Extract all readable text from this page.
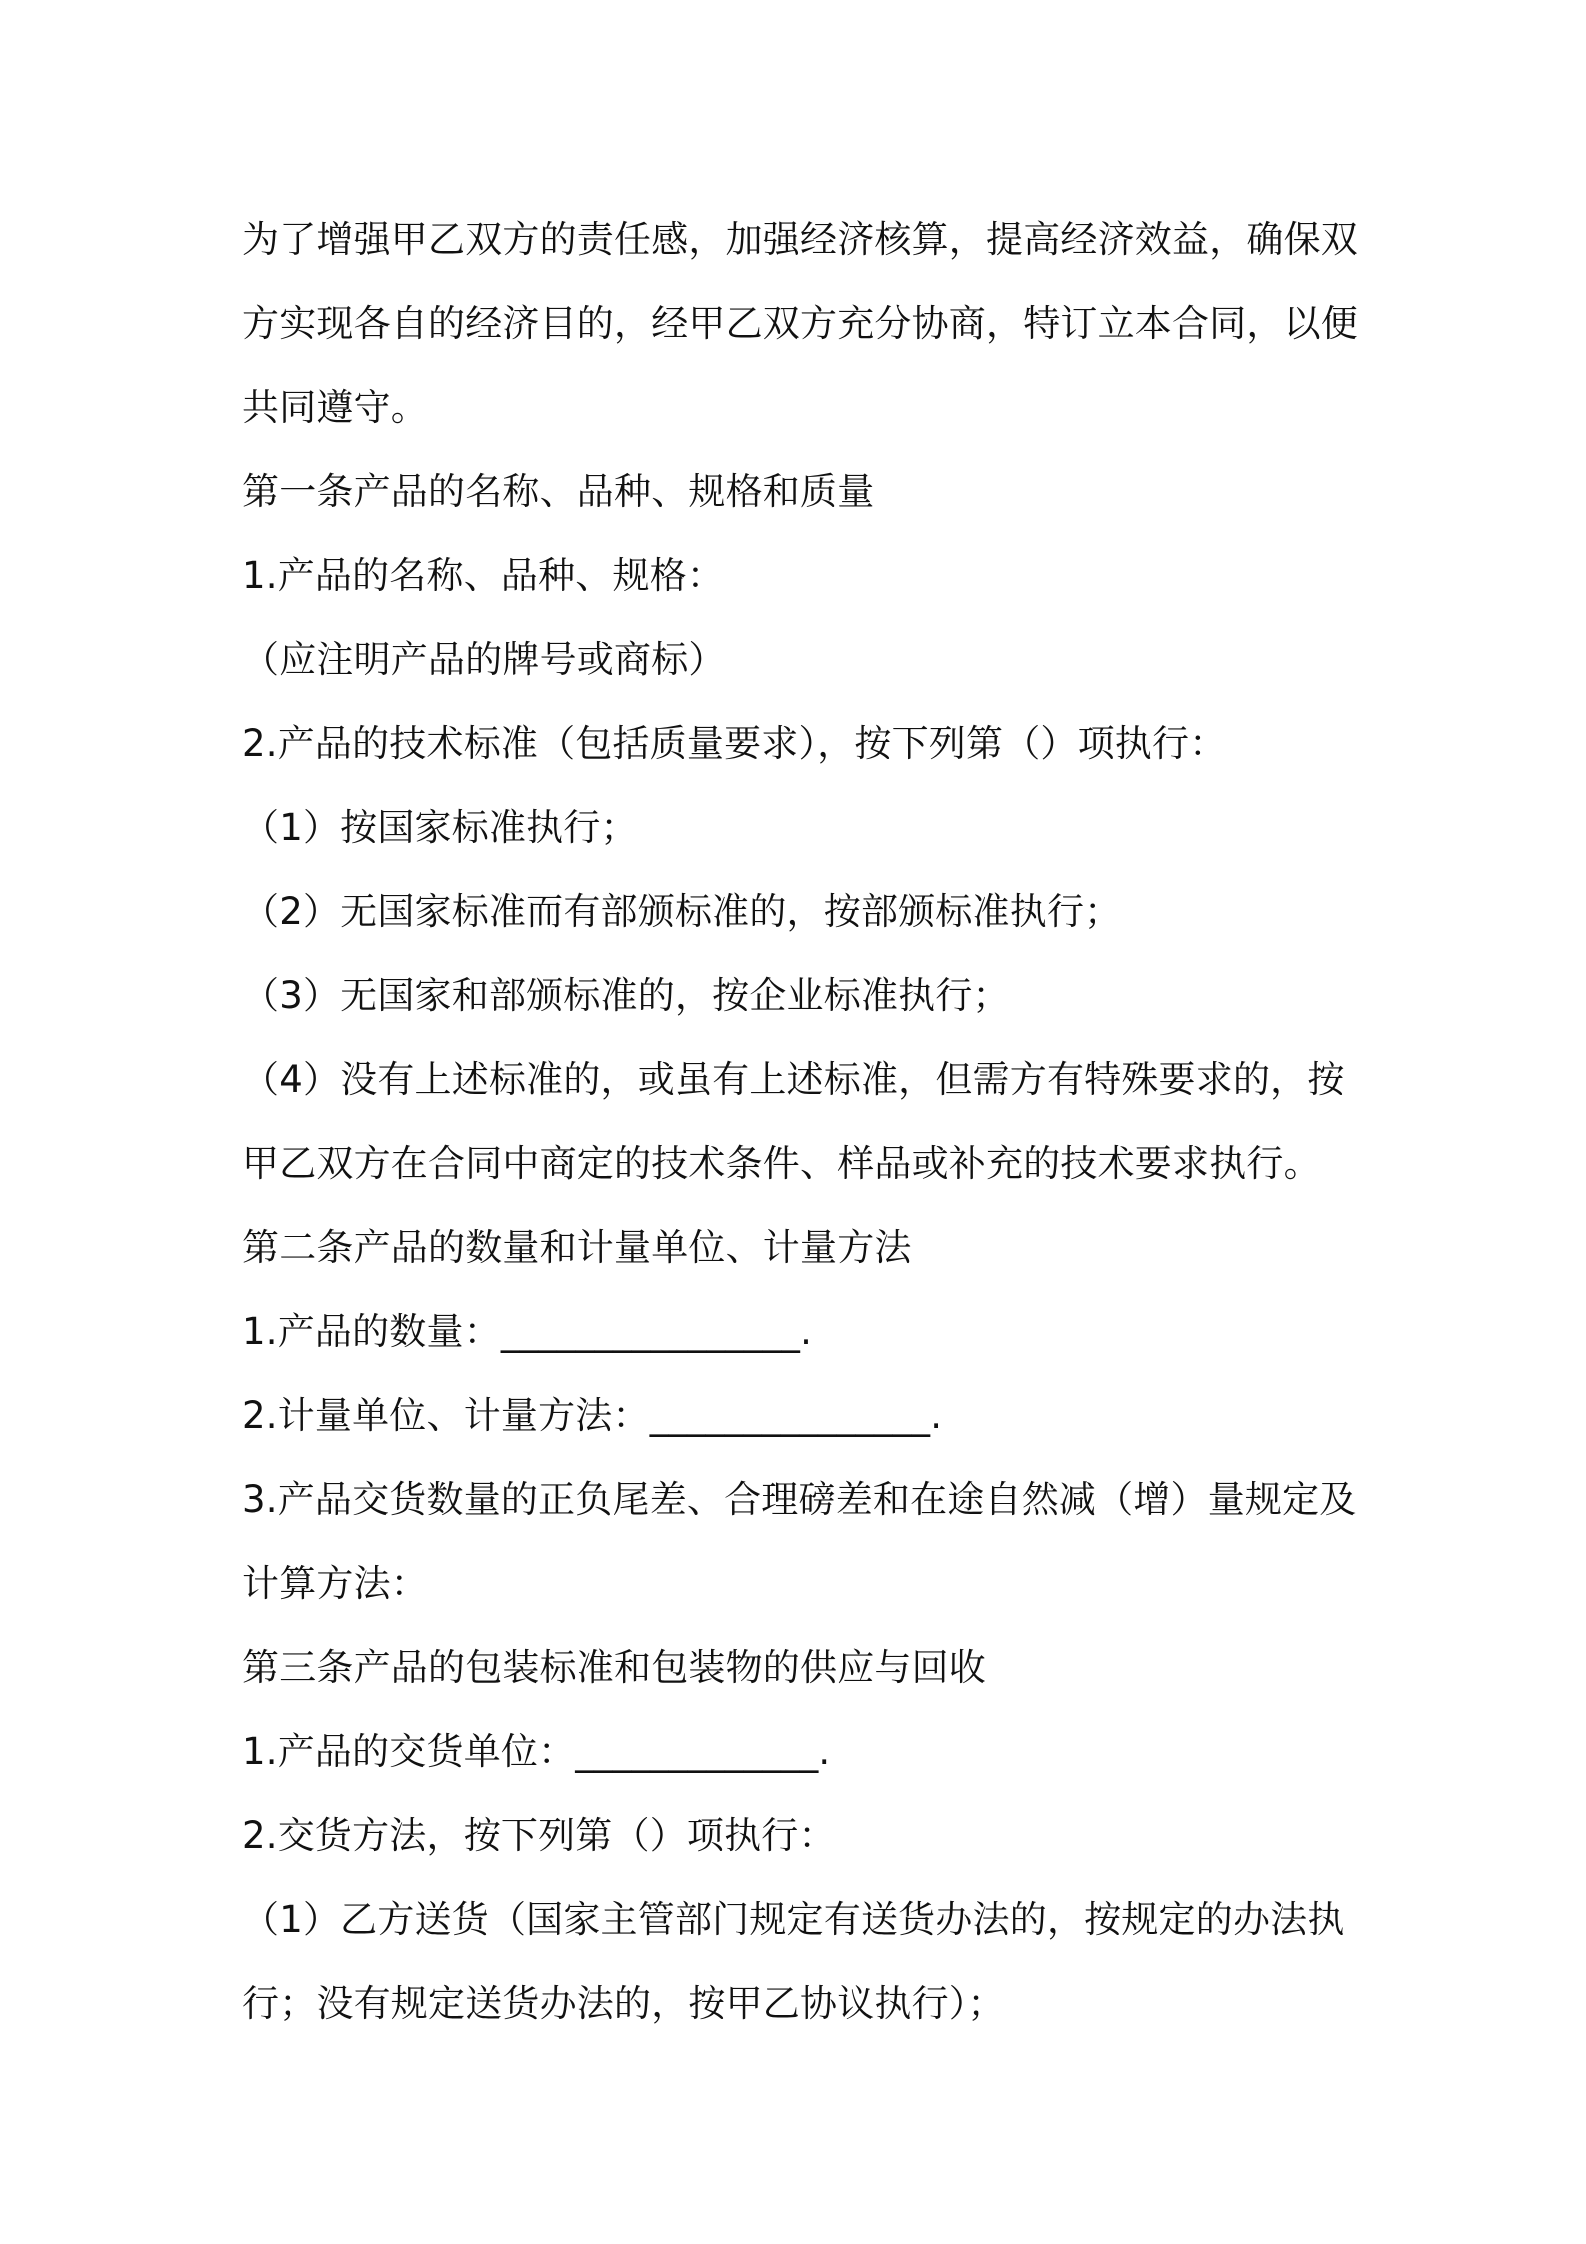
为了增强甲乙双方的责任感，加强经济核算，提高经济效益，确保双方实现各自的经济目的，经甲乙双方充分协商，特订立本合同，以便共同遵守。

第一条产品的名称、品种、规格和质量

1.产品的名称、品种、规格：

（应注明产品的牌号或商标）

2.产品的技术标准（包括质量要求），按下列第（）项执行：

（1）按国家标准执行；

（2）无国家标准而有部颁标准的，按部颁标准执行；

（3）无国家和部颁标准的，按企业标准执行；

（4）没有上述标准的，或虽有上述标准，但需方有特殊要求的，按甲乙双方在合同中商定的技术条件、样品或补充的技术要求执行。

第二条产品的数量和计量单位、计量方法

1.产品的数量：________________.

2.计量单位、计量方法：_______________.

3.产品交货数量的正负尾差、合理磅差和在途自然减（增）量规定及计算方法：

第三条产品的包装标准和包装物的供应与回收

1.产品的交货单位：_____________.

2.交货方法，按下列第（）项执行：

（1）乙方送货（国家主管部门规定有送货办法的，按规定的办法执行；没有规定送货办法的，按甲乙协议执行）；
